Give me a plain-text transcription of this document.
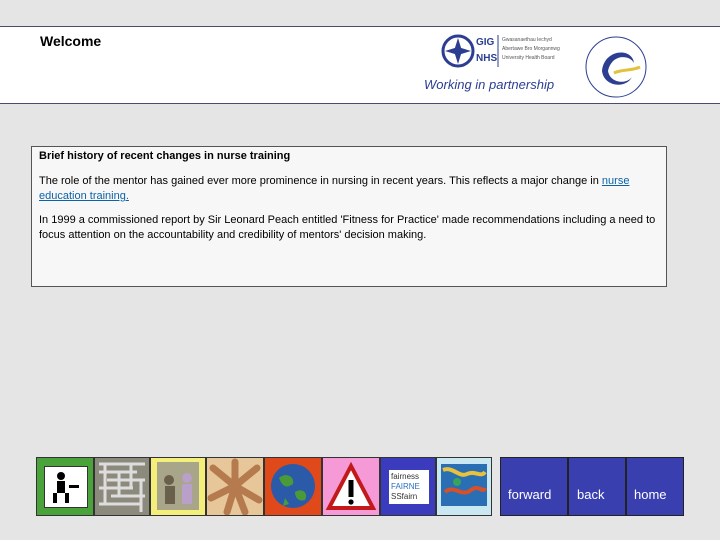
Welcome	GIG
NHS
Gwasanaethau Iechyd
Abertawe Bro Morgannwg
University Health Board
Working in partnership
Brief history of recent changes in nurse training

The role of the mentor has gained ever more prominence in nursing in recent years. This reflects a major change in nurse education training.

In 1999 a commissioned report by Sir Leonard Peach entitled 'Fitness for Practice' made recommendations including a need to focus attention on the accountability and credibility of mentors' decision making.

fairness
FAIRNE
SSfairn	forward back home
